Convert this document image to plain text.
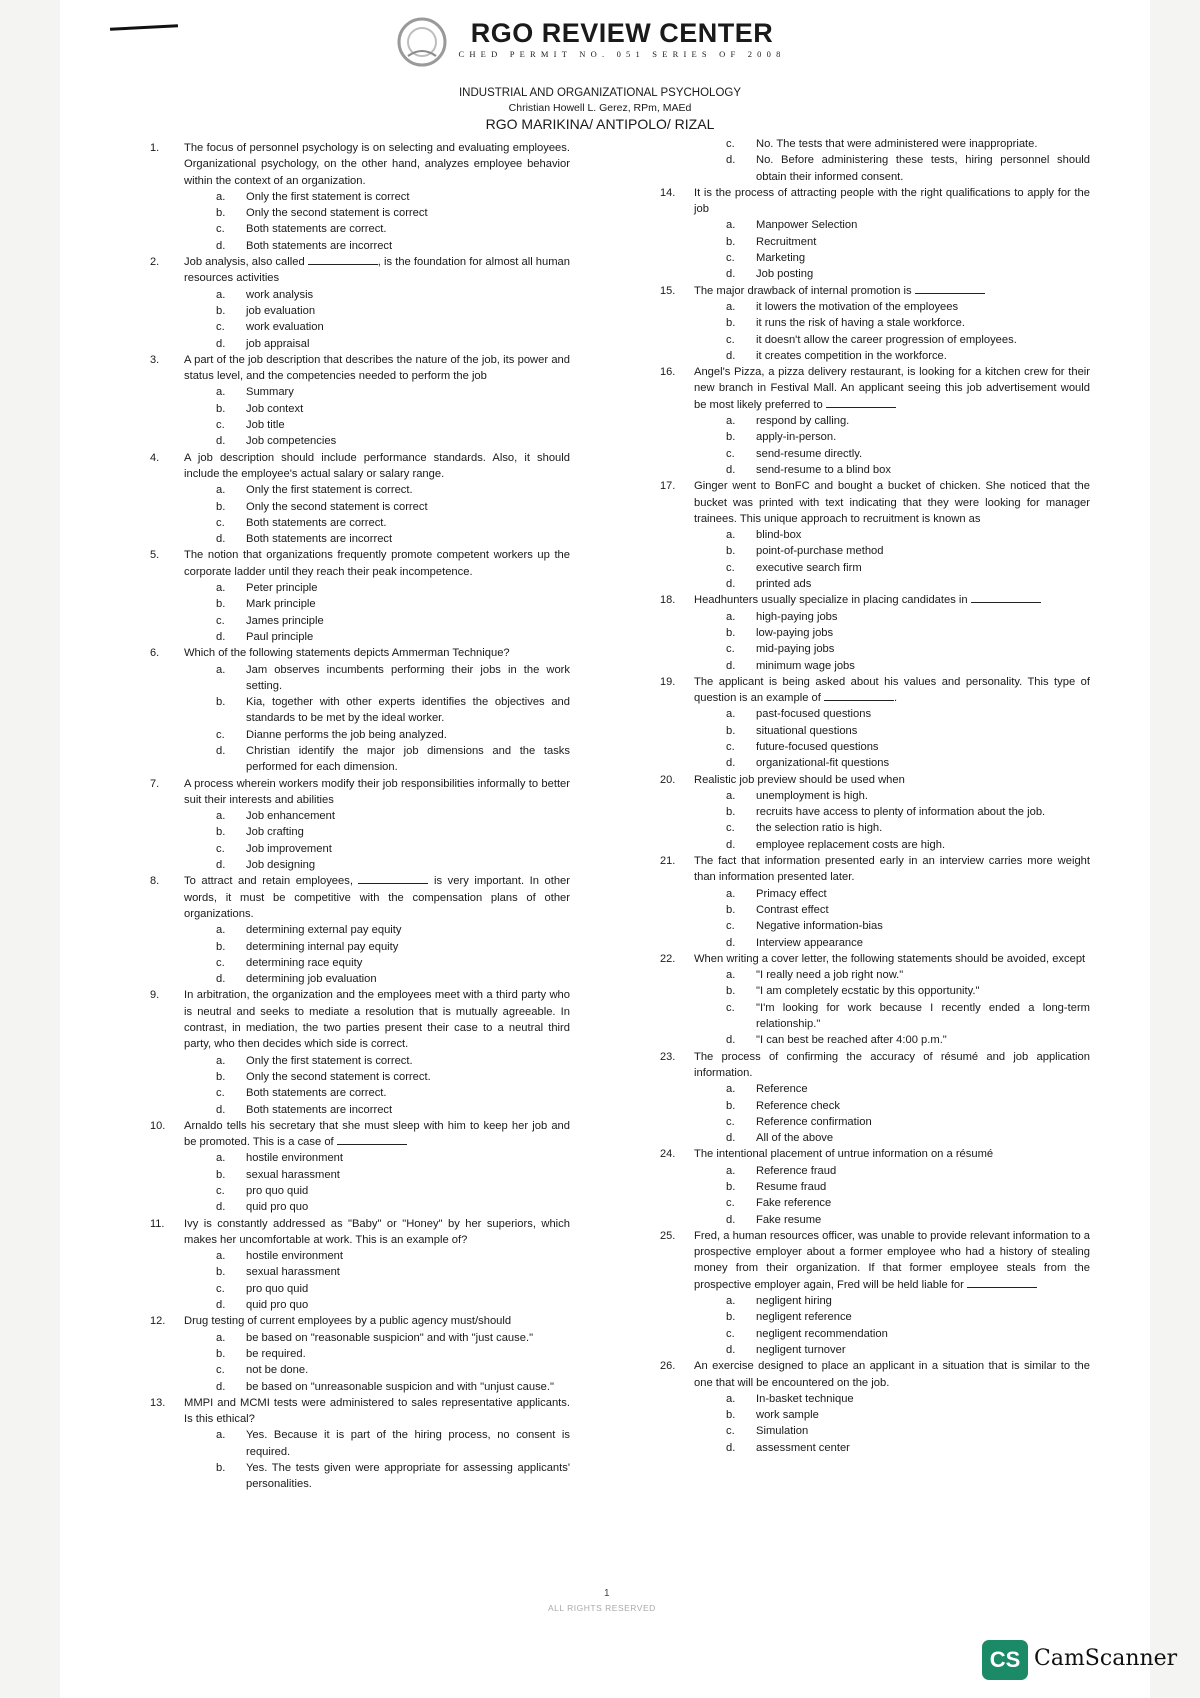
RGO REVIEW CENTER
CHED PERMIT NO. 051 SERIES OF 2008
INDUSTRIAL AND ORGANIZATIONAL PSYCHOLOGY
Christian Howell L. Gerez, RPm, MAEd
RGO MARIKINA/ ANTIPOLO/ RIZAL
1.	The focus of personnel psychology is on selecting and evaluating employees. Organizational psychology, on the other hand, analyzes employee behavior within the context of an organization.
a.	Only the first statement is correct
b.	Only the second statement is correct
c.	Both statements are correct.
d.	Both statements are incorrect
2.	Job analysis, also called	, is the foundation for almost all human resources activities
a.	work analysis
b.	job evaluation
c.	work evaluation
d.	job appraisal
3.	A part of the job description that describes the nature of the job, its power and status level, and the competencies needed to perform the job
a.	Summary
b.	Job context
c.	Job title
d.	Job competencies
4.	A job description should include performance standards. Also, it should include the employee's actual salary or salary range.
a.	Only the first statement is correct.
b.	Only the second statement is correct
c.	Both statements are correct.
d.	Both statements are incorrect
5.	The notion that organizations frequently promote competent workers up the corporate ladder until they reach their peak incompetence.
a.	Peter principle
b.	Mark principle
c.	James principle
d.	Paul principle
6.	Which of the following statements depicts Ammerman Technique?
a.	Jam observes incumbents performing their jobs in the work setting.
b.	Kia, together with other experts identifies the objectives and standards to be met by the ideal worker.
c.	Dianne performs the job being analyzed.
d.	Christian identify the major job dimensions and the tasks performed for each dimension.
7.	A process wherein workers modify their job responsibilities informally to better suit their interests and abilities
a.	Job enhancement
b.	Job crafting
c.	Job improvement
d.	Job designing
8.	To attract and retain employees,	is very important. In other words, it must be competitive with the compensation plans of other organizations.
a.	determining external pay equity
b.	determining internal pay equity
c.	determining race equity
d.	determining job evaluation
9.	In arbitration, the organization and the employees meet with a third party who is neutral and seeks to mediate a resolution that is mutually agreeable. In contrast, in mediation, the two parties present their case to a neutral third party, who then decides which side is correct.
a.	Only the first statement is correct.
b.	Only the second statement is correct.
c.	Both statements are correct.
d.	Both statements are incorrect
10.	Arnaldo tells his secretary that she must sleep with him to keep her job and be promoted. This is a case of
a.	hostile environment
b.	sexual harassment
c.	pro quo quid
d.	quid pro quo
11.	Ivy is constantly addressed as "Baby" or "Honey" by her superiors, which makes her uncomfortable at work. This is an example of?
a.	hostile environment
b.	sexual harassment
c.	pro quo quid
d.	quid pro quo
12.	Drug testing of current employees by a public agency must/should
a.	be based on "reasonable suspicion" and with "just cause."
b.	be required.
c.	not be done.
d.	be based on "unreasonable suspicion and with "unjust cause."
13.	MMPI and MCMI tests were administered to sales representative applicants. Is this ethical?
a.	Yes. Because it is part of the hiring process, no consent is required.
b.	Yes. The tests given were appropriate for assessing applicants' personalities.
c.	No. The tests that were administered were inappropriate.
d.	No. Before administering these tests, hiring personnel should obtain their informed consent.
14.	It is the process of attracting people with the right qualifications to apply for the job
a.	Manpower Selection
b.	Recruitment
c.	Marketing
d.	Job posting
15.	The major drawback of internal promotion is
a.	it lowers the motivation of the employees
b.	it runs the risk of having a stale workforce.
c.	it doesn't allow the career progression of employees.
d.	it creates competition in the workforce.
16.	Angel's Pizza, a pizza delivery restaurant, is looking for a kitchen crew for their new branch in Festival Mall. An applicant seeing this job advertisement would be most likely preferred to
a.	respond by calling.
b.	apply-in-person.
c.	send-resume directly.
d.	send-resume to a blind box
17.	Ginger went to BonFC and bought a bucket of chicken. She noticed that the bucket was printed with text indicating that they were looking for manager trainees. This unique approach to recruitment is known as
a.	blind-box
b.	point-of-purchase method
c.	executive search firm
d.	printed ads
18.	Headhunters usually specialize in placing candidates in
a.	high-paying jobs
b.	low-paying jobs
c.	mid-paying jobs
d.	minimum wage jobs
19.	The applicant is being asked about his values and personality. This type of question is an example of	.
a.	past-focused questions
b.	situational questions
c.	future-focused questions
d.	organizational-fit questions
20.	Realistic job preview should be used when
a.	unemployment is high.
b.	recruits have access to plenty of information about the job.
c.	the selection ratio is high.
d.	employee replacement costs are high.
21.	The fact that information presented early in an interview carries more weight than information presented later.
a.	Primacy effect
b.	Contrast effect
c.	Negative information-bias
d.	Interview appearance
22.	When writing a cover letter, the following statements should be avoided, except
a.	"I really need a job right now."
b.	"I am completely ecstatic by this opportunity."
c.	"I'm looking for work because I recently ended a long-term relationship."
d.	"I can best be reached after 4:00 p.m."
23.	The process of confirming the accuracy of résumé and job application information.
a.	Reference
b.	Reference check
c.	Reference confirmation
d.	All of the above
24.	The intentional placement of untrue information on a résumé
a.	Reference fraud
b.	Resume fraud
c.	Fake reference
d.	Fake resume
25.	Fred, a human resources officer, was unable to provide relevant information to a prospective employer about a former employee who had a history of stealing money from their organization. If that former employee steals from the prospective employer again, Fred will be held liable for
a.	negligent hiring
b.	negligent reference
c.	negligent recommendation
d.	negligent turnover
26.	An exercise designed to place an applicant in a situation that is similar to the one that will be encountered on the job.
a.	In-basket technique
b.	work sample
c.	Simulation
d.	assessment center
1
ALL RIGHTS RESERVED
CS CamScanner
